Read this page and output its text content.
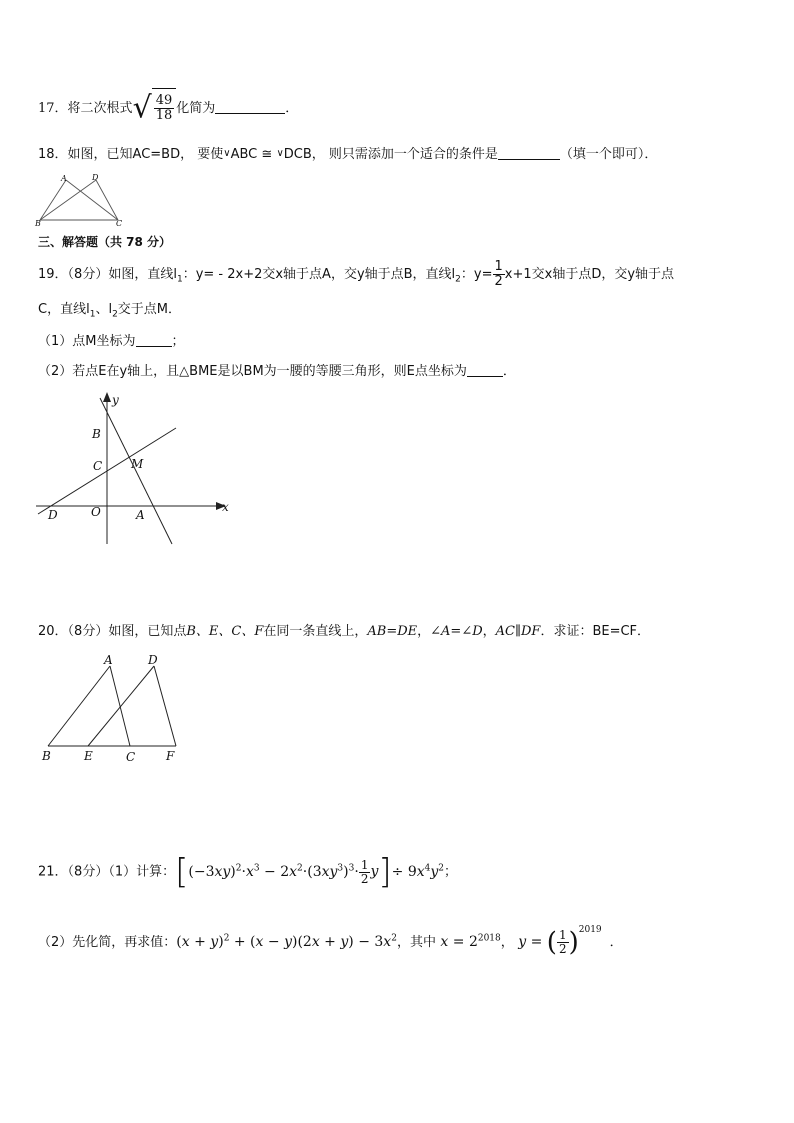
17．将二次根式√ $\frac{49}{18}$ 化简为	．
18．如图，已知AC=BD， 要使∨ABC ≅ ∨DCB， 则只需添加一个适合的条件是	（填一个即可）．
A	D
B	C
三、解答题（共 78 分）
19．（8分）如图，直线$l_1$：y= - 2x+2交x轴于点A，交y轴于点B，直线$l_2$：$y= \frac{1}{2} x+1$交x轴于点D，交y轴于点
C，直线$l_1$、$l_2$交于点M．
（1）点M坐标为	；
（2）若点E在y轴上，且△BME是以BM为一腰的等腰三角形，则E点坐标为	．
y
x
B
C M
D	O	A
20．（8分）如图，已知点B、E、C、F在同一条直线上，AB=DE，∠A=∠D，AC∥DF．求证：BE=CF．
A	D
B	E	C	F
21．（8分）（1）计算：$[(-3xy)^2\cdot x^3 - 2x^2\cdot(3xy^3)^3\cdot \frac{1}{2} y]\div 9x^4y^2$；
（2）先化简，再求值：$(x + y)^2 + (x - y)(2x + y) - 3x^2$，其中 $x = 2^{2018}$， y = ( $\frac{1}{2} )^{2019}$．
